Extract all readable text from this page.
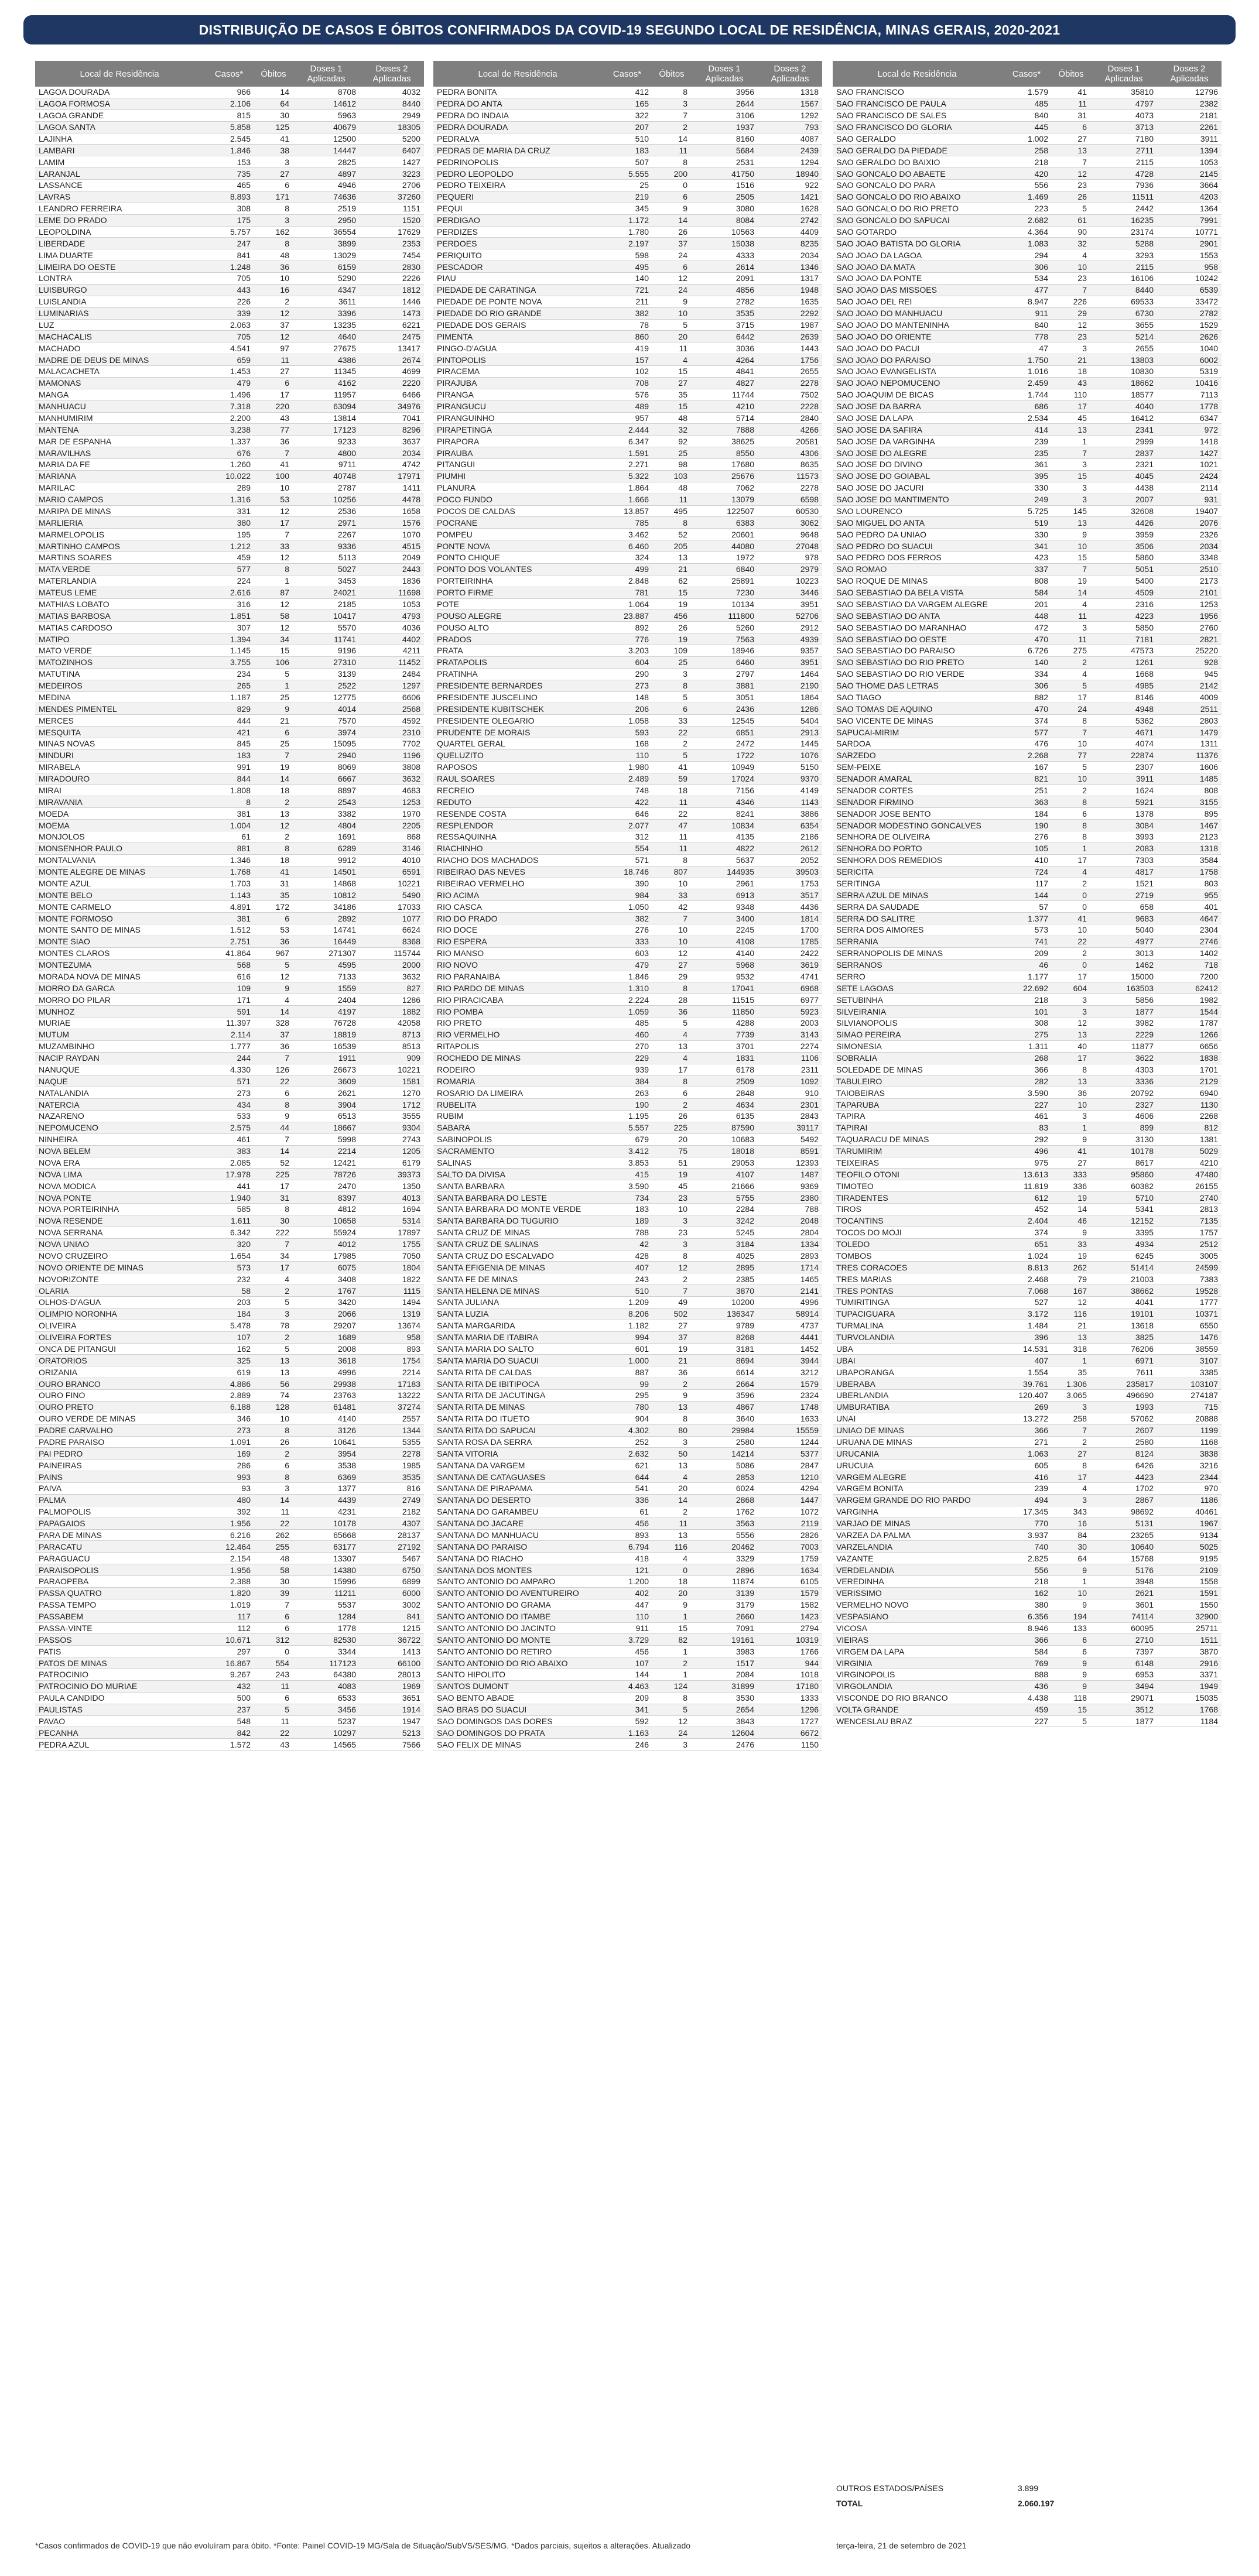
DISTRIBUIÇÃO DE CASOS E ÓBITOS CONFIRMADOS DA COVID-19 SEGUNDO LOCAL DE RESIDÊNCIA, MINAS GERAIS, 2020-2021
Local de Residência	Casos*	Óbitos	Doses 1 Aplicadas	Doses 2 Aplicadas
LAGOA DOURADA	966	14	8708	4032
LAGOA FORMOSA	2.106	64	14612	8440
LAGOA GRANDE	815	30	5963	2949
LAGOA SANTA	5.858	125	40679	18305
LAJINHA	2.545	41	12500	5200
LAMBARI	1.846	38	14447	6407
LAMIM	153	3	2825	1427
LARANJAL	735	27	4897	3223
LASSANCE	465	6	4946	2706
LAVRAS	8.893	171	74636	37260
LEANDRO FERREIRA	308	8	2519	1151
LEME DO PRADO	175	3	2950	1520
LEOPOLDINA	5.757	162	36554	17629
LIBERDADE	247	8	3899	2353
LIMA DUARTE	841	48	13029	7454
LIMEIRA DO OESTE	1.248	36	6159	2830
LONTRA	705	10	5290	2226
LUISBURGO	443	16	4347	1812
LUISLANDIA	226	2	3611	1446
LUMINARIAS	339	12	3396	1473
LUZ	2.063	37	13235	6221
MACHACALIS	705	12	4640	2475
MACHADO	4.541	97	27675	13417
MADRE DE DEUS DE MINAS	659	11	4386	2674
MALACACHETA	1.453	27	11345	4699
MAMONAS	479	6	4162	2220
MANGA	1.496	17	11957	6466
MANHUACU	7.318	220	63094	34976
MANHUMIRIM	2.200	43	13814	7041
MANTENA	3.238	77	17123	8296
MAR DE ESPANHA	1.337	36	9233	3637
MARAVILHAS	676	7	4800	2034
MARIA DA FE	1.260	41	9711	4742
MARIANA	10.022	100	40748	17971
MARILAC	289	10	2787	1411
MARIO CAMPOS	1.316	53	10256	4478
MARIPA DE MINAS	331	12	2536	1658
MARLIERIA	380	17	2971	1576
MARMELOPOLIS	195	7	2267	1070
MARTINHO CAMPOS	1.212	33	9336	4515
MARTINS SOARES	459	12	5113	2049
MATA VERDE	577	8	5027	2443
MATERLANDIA	224	1	3453	1836
MATEUS LEME	2.616	87	24021	11698
MATHIAS LOBATO	316	12	2185	1053
MATIAS BARBOSA	1.851	58	10417	4793
MATIAS CARDOSO	307	12	5570	4036
MATIPO	1.394	34	11741	4402
MATO VERDE	1.145	15	9196	4211
MATOZINHOS	3.755	106	27310	11452
MATUTINA	234	5	3139	2484
MEDEIROS	265	1	2522	1297
MEDINA	1.187	25	12775	6606
MENDES PIMENTEL	829	9	4014	2568
MERCES	444	21	7570	4592
MESQUITA	421	6	3974	2310
MINAS NOVAS	845	25	15095	7702
MINDURI	183	7	2940	1196
MIRABELA	991	19	8069	3808
MIRADOURO	844	14	6667	3632
MIRAI	1.808	18	8897	4683
MIRAVANIA	8	2	2543	1253
MOEDA	381	13	3382	1970
MOEMA	1.004	12	4804	2205
MONJOLOS	61	2	1691	868
MONSENHOR PAULO	881	8	6289	3146
MONTALVANIA	1.346	18	9912	4010
MONTE ALEGRE DE MINAS	1.768	41	14501	6591
MONTE AZUL	1.703	31	14868	10221
MONTE BELO	1.143	35	10812	5490
MONTE CARMELO	4.891	172	34186	17033
MONTE FORMOSO	381	6	2892	1077
MONTE SANTO DE MINAS	1.512	53	14741	6624
MONTE SIAO	2.751	36	16449	8368
MONTES CLAROS	41.864	967	271307	115744
MONTEZUMA	568	5	4595	2000
MORADA NOVA DE MINAS	616	12	7133	3632
MORRO DA GARCA	109	9	1559	827
MORRO DO PILAR	171	4	2404	1286
MUNHOZ	591	14	4197	1882
MURIAE	11.397	328	76728	42058
MUTUM	2.114	37	18819	8713
MUZAMBINHO	1.777	36	16539	8513
NACIP RAYDAN	244	7	1911	909
NANUQUE	4.330	126	26673	10221
NAQUE	571	22	3609	1581
NATALANDIA	273	6	2621	1270
NATERCIA	434	8	3904	1712
NAZARENO	533	9	6513	3555
NEPOMUCENO	2.575	44	18667	9304
NINHEIRA	461	7	5998	2743
NOVA BELEM	383	14	2214	1205
NOVA ERA	2.085	52	12421	6179
NOVA LIMA	17.978	225	78726	39373
NOVA MODICA	441	17	2470	1350
NOVA PONTE	1.940	31	8397	4013
NOVA PORTEIRINHA	585	8	4812	1694
NOVA RESENDE	1.611	30	10658	5314
NOVA SERRANA	6.342	222	55924	17897
NOVA UNIAO	320	7	4012	1755
NOVO CRUZEIRO	1.654	34	17985	7050
NOVO ORIENTE DE MINAS	573	17	6075	1804
NOVORIZONTE	232	4	3408	1822
OLARIA	58	2	1767	1115
OLHOS-D'AGUA	203	5	3420	1494
OLIMPIO NORONHA	184	3	2066	1319
OLIVEIRA	5.478	78	29207	13674
OLIVEIRA FORTES	107	2	1689	958
ONCA DE PITANGUI	162	5	2008	893
ORATORIOS	325	13	3618	1754
ORIZANIA	619	13	4996	2214
OURO BRANCO	4.886	56	29938	17183
OURO FINO	2.889	74	23763	13222
OURO PRETO	6.188	128	61481	37274
OURO VERDE DE MINAS	346	10	4140	2557
PADRE CARVALHO	273	8	3126	1344
PADRE PARAISO	1.091	26	10641	5355
PAI PEDRO	169	2	3954	2278
PAINEIRAS	286	6	3538	1985
PAINS	993	8	6369	3535
PAIVA	93	3	1377	816
PALMA	480	14	4439	2749
PALMOPOLIS	392	11	4231	2182
PAPAGAIOS	1.956	22	10178	4307
PARA DE MINAS	6.216	262	65668	28137
PARACATU	12.464	255	63177	27192
PARAGUACU	2.154	48	13307	5467
PARAISOPOLIS	1.956	58	14380	6750
PARAOPEBA	2.388	30	15996	6899
PASSA QUATRO	1.820	39	11211	6000
PASSA TEMPO	1.019	7	5537	3002
PASSABEM	117	6	1284	841
PASSA-VINTE	112	6	1778	1215
PASSOS	10.671	312	82530	36722
PATIS	297	0	3344	1413
PATOS DE MINAS	16.867	554	117123	66100
PATROCINIO	9.267	243	64380	28013
PATROCINIO DO MURIAE	432	11	4083	1969
PAULA CANDIDO	500	6	6533	3651
PAULISTAS	237	5	3456	1914
PAVAO	548	11	5237	1947
PECANHA	842	22	10297	5213
PEDRA AZUL	1.572	43	14565	7566
Local de Residência	Casos*	Óbitos	Doses 1 Aplicadas	Doses 2 Aplicadas
PEDRA BONITA	412	8	3956	1318
PEDRA DO ANTA	165	3	2644	1567
PEDRA DO INDAIA	322	7	3106	1292
PEDRA DOURADA	207	2	1937	793
PEDRALVA	510	14	8160	4087
PEDRAS DE MARIA DA CRUZ	183	11	5684	2439
PEDRINOPOLIS	507	8	2531	1294
PEDRO LEOPOLDO	5.555	200	41750	18940
PEDRO TEIXEIRA	25	0	1516	922
PEQUERI	219	6	2505	1421
PEQUI	345	9	3080	1628
PERDIGAO	1.172	14	8084	2742
PERDIZES	1.780	26	10563	4409
PERDOES	2.197	37	15038	8235
PERIQUITO	598	24	4333	2034
PESCADOR	495	6	2614	1346
PIAU	140	12	2091	1317
PIEDADE DE CARATINGA	721	24	4856	1948
PIEDADE DE PONTE NOVA	211	9	2782	1635
PIEDADE DO RIO GRANDE	382	10	3535	2292
PIEDADE DOS GERAIS	78	5	3715	1987
PIMENTA	860	20	6442	2639
PINGO-D'AGUA	419	11	3036	1443
PINTOPOLIS	157	4	4264	1756
PIRACEMA	102	15	4841	2655
PIRAJUBA	708	27	4827	2278
PIRANGA	576	35	11744	7502
PIRANGUCU	489	15	4210	2228
PIRANGUINHO	957	48	5714	2840
PIRAPETINGA	2.444	32	7888	4266
PIRAPORA	6.347	92	38625	20581
PIRAUBA	1.591	25	8550	4306
PITANGUI	2.271	98	17680	8635
PIUMHI	5.322	103	25676	11573
PLANURA	1.864	48	7062	2278
POCO FUNDO	1.666	11	13079	6598
POCOS DE CALDAS	13.857	495	122507	60530
POCRANE	785	8	6383	3062
POMPEU	3.462	52	20601	9648
PONTE NOVA	6.460	205	44080	27048
PONTO CHIQUE	324	13	1972	978
PONTO DOS VOLANTES	499	21	6840	2979
PORTEIRINHA	2.848	62	25891	10223
PORTO FIRME	781	15	7230	3446
POTE	1.064	19	10134	3951
POUSO ALEGRE	23.887	456	111800	52706
POUSO ALTO	892	26	5260	2912
PRADOS	776	19	7563	4939
PRATA	3.203	109	18946	9357
PRATAPOLIS	604	25	6460	3951
PRATINHA	290	3	2797	1464
PRESIDENTE BERNARDES	273	8	3881	2190
PRESIDENTE JUSCELINO	148	5	3051	1864
PRESIDENTE KUBITSCHEK	206	6	2436	1286
PRESIDENTE OLEGARIO	1.058	33	12545	5404
PRUDENTE DE MORAIS	593	22	6851	2913
QUARTEL GERAL	168	2	2472	1445
QUELUZITO	110	5	1722	1076
RAPOSOS	1.980	41	10949	5150
RAUL SOARES	2.489	59	17024	9370
RECREIO	748	18	7156	4149
REDUTO	422	11	4346	1143
RESENDE COSTA	646	22	8241	3886
RESPLENDOR	2.077	47	10834	6354
RESSAQUINHA	312	11	4135	2186
RIACHINHO	554	11	4822	2612
RIACHO DOS MACHADOS	571	8	5637	2052
RIBEIRAO DAS NEVES	18.746	807	144935	39503
RIBEIRAO VERMELHO	390	10	2961	1753
RIO ACIMA	984	33	6913	3517
RIO CASCA	1.050	42	9348	4436
RIO DO PRADO	382	7	3400	1814
RIO DOCE	276	10	2245	1700
RIO ESPERA	333	10	4108	1785
RIO MANSO	603	12	4140	2422
RIO NOVO	479	27	5968	3619
RIO PARANAIBA	1.846	29	9532	4741
RIO PARDO DE MINAS	1.310	8	17041	6968
RIO PIRACICABA	2.224	28	11515	6977
RIO POMBA	1.059	36	11850	5923
RIO PRETO	485	5	4288	2003
RIO VERMELHO	460	4	7739	3143
RITAPOLIS	270	13	3701	2274
ROCHEDO DE MINAS	229	4	1831	1106
RODEIRO	939	17	6178	2311
ROMARIA	384	8	2509	1092
ROSARIO DA LIMEIRA	263	6	2848	910
RUBELITA	190	2	4634	2301
RUBIM	1.195	26	6135	2843
SABARA	5.557	225	87590	39117
SABINOPOLIS	679	20	10683	5492
SACRAMENTO	3.412	75	18018	8591
SALINAS	3.853	51	29053	12393
SALTO DA DIVISA	415	19	4107	1487
SANTA BARBARA	3.590	45	21666	9369
SANTA BARBARA DO LESTE	734	23	5755	2380
SANTA BARBARA DO MONTE VERDE	183	10	2284	788
SANTA BARBARA DO TUGURIO	189	3	3242	2048
SANTA CRUZ DE MINAS	788	23	5245	2804
SANTA CRUZ DE SALINAS	42	3	3184	1334
SANTA CRUZ DO ESCALVADO	428	8	4025	2893
SANTA EFIGENIA DE MINAS	407	12	2895	1714
SANTA FE DE MINAS	243	2	2385	1465
SANTA HELENA DE MINAS	510	7	3870	2141
SANTA JULIANA	1.209	49	10200	4996
SANTA LUZIA	8.206	502	136347	58914
SANTA MARGARIDA	1.182	27	9789	4737
SANTA MARIA DE ITABIRA	994	37	8268	4441
SANTA MARIA DO SALTO	601	19	3181	1452
SANTA MARIA DO SUACUI	1.000	21	8694	3944
SANTA RITA DE CALDAS	887	36	6614	3212
SANTA RITA DE IBITIPOCA	99	2	2664	1579
SANTA RITA DE JACUTINGA	295	9	3596	2324
SANTA RITA DE MINAS	780	13	4867	1748
SANTA RITA DO ITUETO	904	8	3640	1633
SANTA RITA DO SAPUCAI	4.302	80	29984	15559
SANTA ROSA DA SERRA	252	3	2580	1244
SANTA VITORIA	2.632	50	14214	5377
SANTANA DA VARGEM	621	13	5086	2847
SANTANA DE CATAGUASES	644	4	2853	1210
SANTANA DE PIRAPAMA	541	20	6024	4294
SANTANA DO DESERTO	336	14	2868	1447
SANTANA DO GARAMBEU	61	2	1762	1072
SANTANA DO JACARE	456	11	3563	2119
SANTANA DO MANHUACU	893	13	5556	2826
SANTANA DO PARAISO	6.794	116	20462	7003
SANTANA DO RIACHO	418	4	3329	1759
SANTANA DOS MONTES	121	0	2896	1634
SANTO ANTONIO DO AMPARO	1.200	18	11874	6105
SANTO ANTONIO DO AVENTUREIRO	402	20	3139	1579
SANTO ANTONIO DO GRAMA	447	9	3179	1582
SANTO ANTONIO DO ITAMBE	110	1	2660	1423
SANTO ANTONIO DO JACINTO	911	15	7091	2794
SANTO ANTONIO DO MONTE	3.729	82	19161	10319
SANTO ANTONIO DO RETIRO	456	1	3983	1766
SANTO ANTONIO DO RIO ABAIXO	107	2	1517	944
SANTO HIPOLITO	144	1	2084	1018
SANTOS DUMONT	4.463	124	31899	17180
SAO BENTO ABADE	209	8	3530	1333
SAO BRAS DO SUACUI	341	5	2654	1296
SAO DOMINGOS DAS DORES	592	12	3843	1727
SAO DOMINGOS DO PRATA	1.163	24	12604	6672
SAO FELIX DE MINAS	246	3	2476	1150
Local de Residência	Casos*	Óbitos	Doses 1 Aplicadas	Doses 2 Aplicadas
SAO FRANCISCO	1.579	41	35810	12796
SAO FRANCISCO DE PAULA	485	11	4797	2382
SAO FRANCISCO DE SALES	840	31	4073	2181
SAO FRANCISCO DO GLORIA	445	6	3713	2261
SAO GERALDO	1.002	27	7180	3911
SAO GERALDO DA PIEDADE	258	13	2711	1394
SAO GERALDO DO BAIXIO	218	7	2115	1053
SAO GONCALO DO ABAETE	420	12	4728	2145
SAO GONCALO DO PARA	556	23	7936	3664
SAO GONCALO DO RIO ABAIXO	1.469	26	11511	4203
SAO GONCALO DO RIO PRETO	223	5	2442	1364
SAO GONCALO DO SAPUCAI	2.682	61	16235	7991
SAO GOTARDO	4.364	90	23174	10771
SAO JOAO BATISTA DO GLORIA	1.083	32	5288	2901
SAO JOAO DA LAGOA	294	4	3293	1553
SAO JOAO DA MATA	306	10	2115	958
SAO JOAO DA PONTE	534	23	16106	10242
SAO JOAO DAS MISSOES	477	7	8440	6539
SAO JOAO DEL REI	8.947	226	69533	33472
SAO JOAO DO MANHUACU	911	29	6730	2782
SAO JOAO DO MANTENINHA	840	12	3655	1529
SAO JOAO DO ORIENTE	778	23	5214	2626
SAO JOAO DO PACUI	47	3	2655	1040
SAO JOAO DO PARAISO	1.750	21	13803	6002
SAO JOAO EVANGELISTA	1.016	18	10830	5319
SAO JOAO NEPOMUCENO	2.459	43	18662	10416
SAO JOAQUIM DE BICAS	1.744	110	18577	7113
SAO JOSE DA BARRA	686	17	4040	1778
SAO JOSE DA LAPA	2.534	45	16412	6347
SAO JOSE DA SAFIRA	414	13	2341	972
SAO JOSE DA VARGINHA	239	1	2999	1418
SAO JOSE DO ALEGRE	235	7	2837	1427
SAO JOSE DO DIVINO	361	3	2321	1021
SAO JOSE DO GOIABAL	395	15	4045	2424
SAO JOSE DO JACURI	330	3	4438	2114
SAO JOSE DO MANTIMENTO	249	3	2007	931
SAO LOURENCO	5.725	145	32608	19407
SAO MIGUEL DO ANTA	519	13	4426	2076
SAO PEDRO DA UNIAO	330	9	3959	2326
SAO PEDRO DO SUACUI	341	10	3506	2034
SAO PEDRO DOS FERROS	423	15	5860	3348
SAO ROMAO	337	7	5051	2510
SAO ROQUE DE MINAS	808	19	5400	2173
SAO SEBASTIAO DA BELA VISTA	584	14	4509	2101
SAO SEBASTIAO DA VARGEM ALEGRE	201	4	2316	1253
SAO SEBASTIAO DO ANTA	448	11	4223	1956
SAO SEBASTIAO DO MARANHAO	472	3	5850	2760
SAO SEBASTIAO DO OESTE	470	11	7181	2821
SAO SEBASTIAO DO PARAISO	6.726	275	47573	25220
SAO SEBASTIAO DO RIO PRETO	140	2	1261	928
SAO SEBASTIAO DO RIO VERDE	334	4	1668	945
SAO THOME DAS LETRAS	306	5	4985	2142
SAO TIAGO	882	17	8146	4009
SAO TOMAS DE AQUINO	470	24	4948	2511
SAO VICENTE DE MINAS	374	8	5362	2803
SAPUCAI-MIRIM	577	7	4671	1479
SARDOA	476	10	4074	1311
SARZEDO	2.268	77	22874	11376
SEM-PEIXE	167	5	2307	1606
SENADOR AMARAL	821	10	3911	1485
SENADOR CORTES	251	2	1624	808
SENADOR FIRMINO	363	8	5921	3155
SENADOR JOSE BENTO	184	6	1378	895
SENADOR MODESTINO GONCALVES	190	8	3084	1467
SENHORA DE OLIVEIRA	276	8	3993	2123
SENHORA DO PORTO	105	1	2083	1318
SENHORA DOS REMEDIOS	410	17	7303	3584
SERICITA	724	4	4817	1758
SERITINGA	117	2	1521	803
SERRA AZUL DE MINAS	144	0	2719	955
SERRA DA SAUDADE	57	0	658	401
SERRA DO SALITRE	1.377	41	9683	4647
SERRA DOS AIMORES	573	10	5040	2304
SERRANIA	741	22	4977	2746
SERRANOPOLIS DE MINAS	209	2	3013	1402
SERRANOS	46	0	1462	718
SERRO	1.177	17	15000	7200
SETE LAGOAS	22.692	604	163503	62412
SETUBINHA	218	3	5856	1982
SILVEIRANIA	101	3	1877	1544
SILVIANOPOLIS	308	12	3982	1787
SIMAO PEREIRA	275	13	2229	1266
SIMONESIA	1.311	40	11877	6656
SOBRALIA	268	17	3622	1838
SOLEDADE DE MINAS	366	8	4303	1701
TABULEIRO	282	13	3336	2129
TAIOBEIRAS	3.590	36	20792	6940
TAPARUBA	227	10	2327	1130
TAPIRA	461	3	4606	2268
TAPIRAI	83	1	899	812
TAQUARACU DE MINAS	292	9	3130	1381
TARUMIRIM	496	41	10178	5029
TEIXEIRAS	975	27	8617	4210
TEOFILO OTONI	13.613	333	95860	47480
TIMOTEO	11.819	336	60382	26155
TIRADENTES	612	19	5710	2740
TIROS	452	14	5341	2813
TOCANTINS	2.404	46	12152	7135
TOCOS DO MOJI	374	9	3395	1757
TOLEDO	651	33	4934	2512
TOMBOS	1.024	19	6245	3005
TRES CORACOES	8.813	262	51414	24599
TRES MARIAS	2.468	79	21003	7383
TRES PONTAS	7.068	167	38662	19528
TUMIRITINGA	527	12	4041	1777
TUPACIGUARA	3.172	116	19101	10371
TURMALINA	1.484	21	13618	6550
TURVOLANDIA	396	13	3825	1476
UBA	14.531	318	76206	38559
UBAI	407	1	6971	3107
UBAPORANGA	1.554	35	7611	3385
UBERABA	39.761	1.306	235817	103107
UBERLANDIA	120.407	3.065	496690	274187
UMBURATIBA	269	3	1993	715
UNAI	13.272	258	57062	20888
UNIAO DE MINAS	366	7	2607	1199
URUANA DE MINAS	271	2	2580	1168
URUCANIA	1.063	27	8124	3838
URUCUIA	605	8	6426	3216
VARGEM ALEGRE	416	17	4423	2344
VARGEM BONITA	239	4	1702	970
VARGEM GRANDE DO RIO PARDO	494	3	2867	1186
VARGINHA	17.345	343	98692	40461
VARJAO DE MINAS	770	16	5131	1967
VARZEA DA PALMA	3.937	84	23265	9134
VARZELANDIA	740	30	10640	5025
VAZANTE	2.825	64	15768	9195
VERDELANDIA	556	9	5176	2109
VEREDINHA	218	1	3948	1558
VERISSIMO	162	10	2621	1591
VERMELHO NOVO	380	9	3601	1550
VESPASIANO	6.356	194	74114	32900
VICOSA	8.946	133	60095	25711
VIEIRAS	366	6	2710	1511
VIRGEM DA LAPA	584	6	7397	3870
VIRGINIA	769	9	6148	2916
VIRGINOPOLIS	888	9	6953	3371
VIRGOLANDIA	436	9	3494	1949
VISCONDE DO RIO BRANCO	4.438	118	29071	15035
VOLTA GRANDE	459	15	3512	1768
WENCESLAU BRAZ	227	5	1877	1184
OUTROS ESTADOS/PAÍSES	3.899
TOTAL	2.060.197
*Casos confirmados de COVID-19 que não evoluíram para óbito. *Fonte: Painel COVID-19 MG/Sala de Situação/SubVS/SES/MG. *Dados parciais, sujeitos a alterações. Atualizado	terça-feira, 21 de setembro de 2021
